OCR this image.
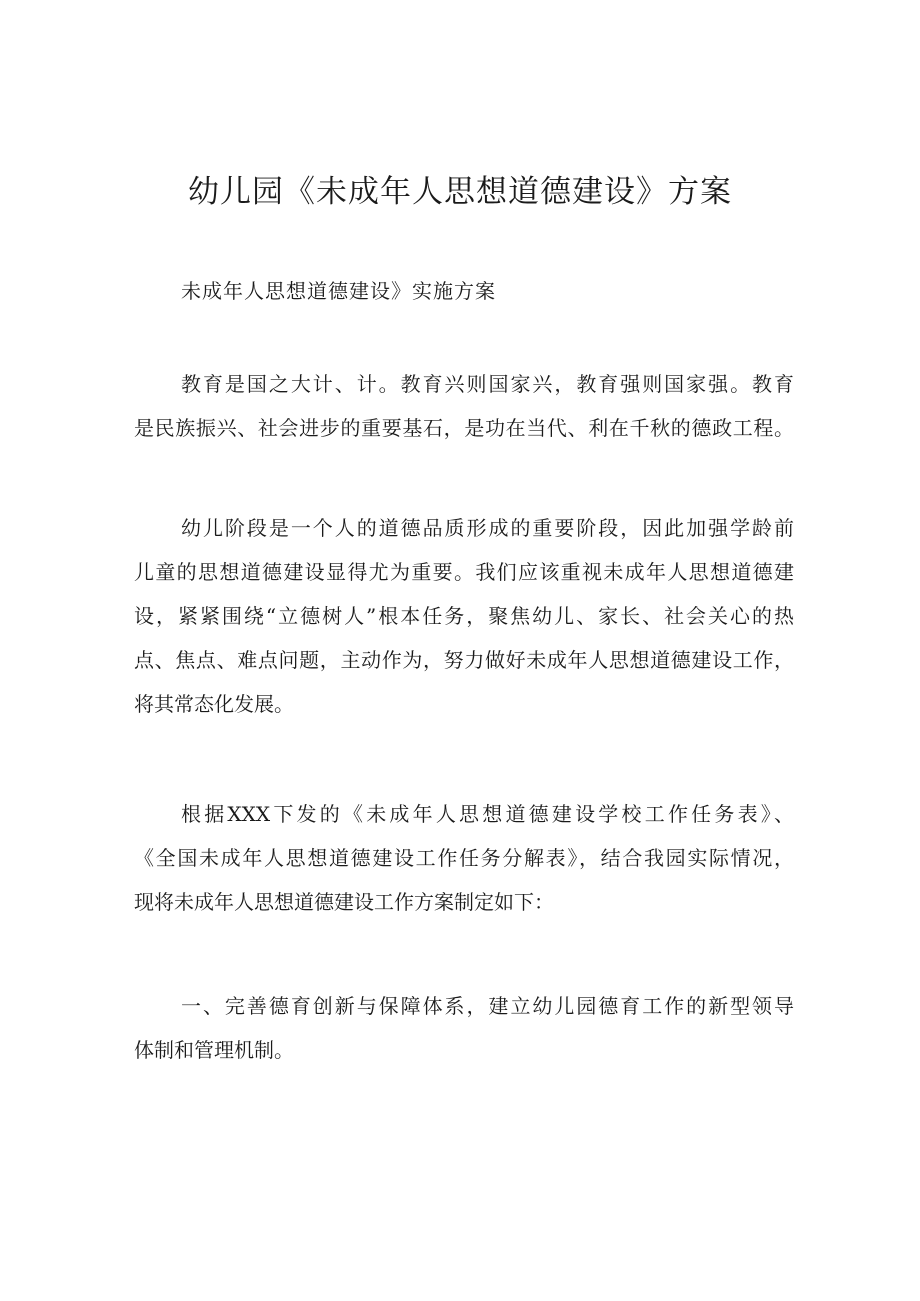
幼儿园《未成年人思想道德建设》方案
未成年人思想道德建设》实施方案
教育是国之大计、计。教育兴则国家兴，教育强则国家强。教育
是民族振兴、社会进步的重要基石，是功在当代、利在千秋的德政工程。
幼儿阶段是一个人的道德品质形成的重要阶段，因此加强学龄前
儿童的思想道德建设显得尤为重要。我们应该重视未成年人思想道德建
设，紧紧围绕“立德树人”根本任务，聚焦幼儿、家长、社会关心的热
点、焦点、难点问题，主动作为，努力做好未成年人思想道德建设工作，
将其常态化发展。
根据XXX下发的《未成年人思想道德建设学校工作任务表》、
《全国未成年人思想道德建设工作任务分解表》，结合我园实际情况，
现将未成年人思想道德建设工作方案制定如下：
一、完善德育创新与保障体系，建立幼儿园德育工作的新型领导
体制和管理机制。
